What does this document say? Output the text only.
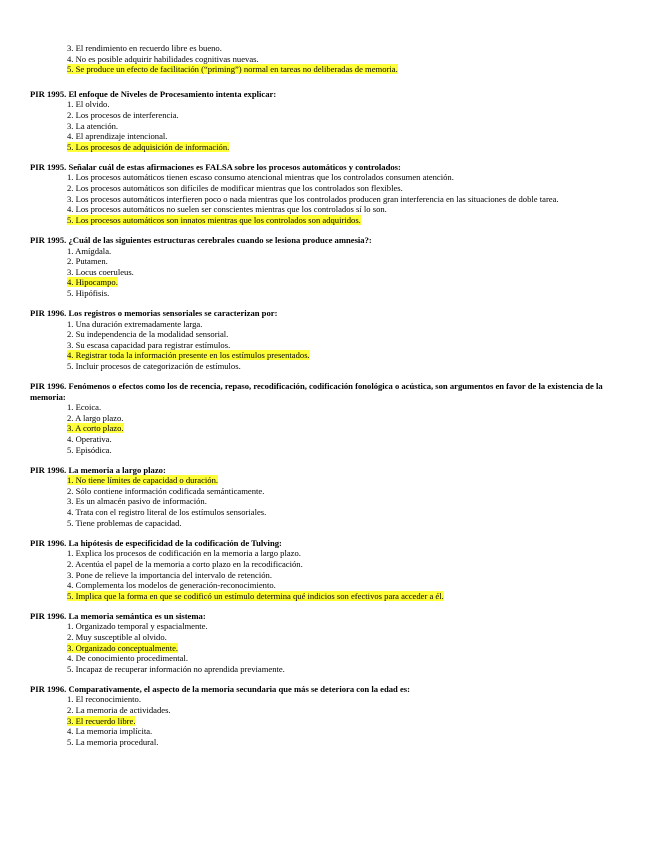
3. El rendimiento en recuerdo libre es bueno.
4. No es posible adquirir habilidades cognitivas nuevas.
5. Se produce un efecto de facilitación (“priming”) normal en tareas no deliberadas de memoria.
PIR 1995. El enfoque de Niveles de Procesamiento intenta explicar:
1. El olvido.
2. Los procesos de interferencia.
3. La atención.
4. El aprendizaje intencional.
5. Los procesos de adquisición de información.
PIR 1995. Señalar cuál de estas afirmaciones es FALSA sobre los procesos automáticos y controlados:
1. Los procesos automáticos tienen escaso consumo atencional mientras que los controlados consumen atención.
2. Los procesos automáticos son difíciles de modificar mientras que los controlados son flexibles.
3. Los procesos automáticos interfieren poco o nada mientras que los controlados producen gran interferencia en las situaciones de doble tarea.
4. Los procesos automáticos no suelen ser conscientes mientras que los controlados sí lo son.
5. Los procesos automáticos son innatos mientras que los controlados son adquiridos.
PIR 1995. ¿Cuál de las siguientes estructuras cerebrales cuando se lesiona produce amnesia?:
1. Amígdala.
2. Putamen.
3. Locus coeruleus.
4. Hipocampo.
5. Hipófisis.
PIR 1996. Los registros o memorias sensoriales se caracterizan por:
1. Una duración extremadamente larga.
2. Su independencia de la modalidad sensorial.
3. Su escasa capacidad para registrar estímulos.
4. Registrar toda la información presente en los estímulos presentados.
5. Incluir procesos de categorización de estímulos.
PIR 1996. Fenómenos o efectos como los de recencia, repaso, recodificación, codificación fonológica o acústica, son argumentos en favor de la existencia de la memoria:
1. Ecoica.
2. A largo plazo.
3. A corto plazo.
4. Operativa.
5. Episódica.
PIR 1996. La memoria a largo plazo:
1. No tiene límites de capacidad o duración.
2. Sólo contiene información codificada semánticamente.
3. Es un almacén pasivo de información.
4. Trata con el registro literal de los estímulos sensoriales.
5. Tiene problemas de capacidad.
PIR 1996. La hipótesis de especificidad de la codificación de Tulving:
1. Explica los procesos de codificación en la memoria a largo plazo.
2. Acentúa el papel de la memoria a corto plazo en la recodificación.
3. Pone de relieve la importancia del intervalo de retención.
4. Complementa los modelos de generación-reconocimiento.
5. Implica que la forma en que se codificó un estímulo determina qué indicios son efectivos para acceder a él.
PIR 1996. La memoria semántica es un sistema:
1. Organizado temporal y espacialmente.
2. Muy susceptible al olvido.
3. Organizado conceptualmente.
4. De conocimiento procedimental.
5. Incapaz de recuperar información no aprendida previamente.
PIR 1996. Comparativamente, el aspecto de la memoria secundaria que más se deteriora con la edad es:
1. El reconocimiento.
2. La memoria de actividades.
3. El recuerdo libre.
4. La memoria implícita.
5. La memoria procedural.
